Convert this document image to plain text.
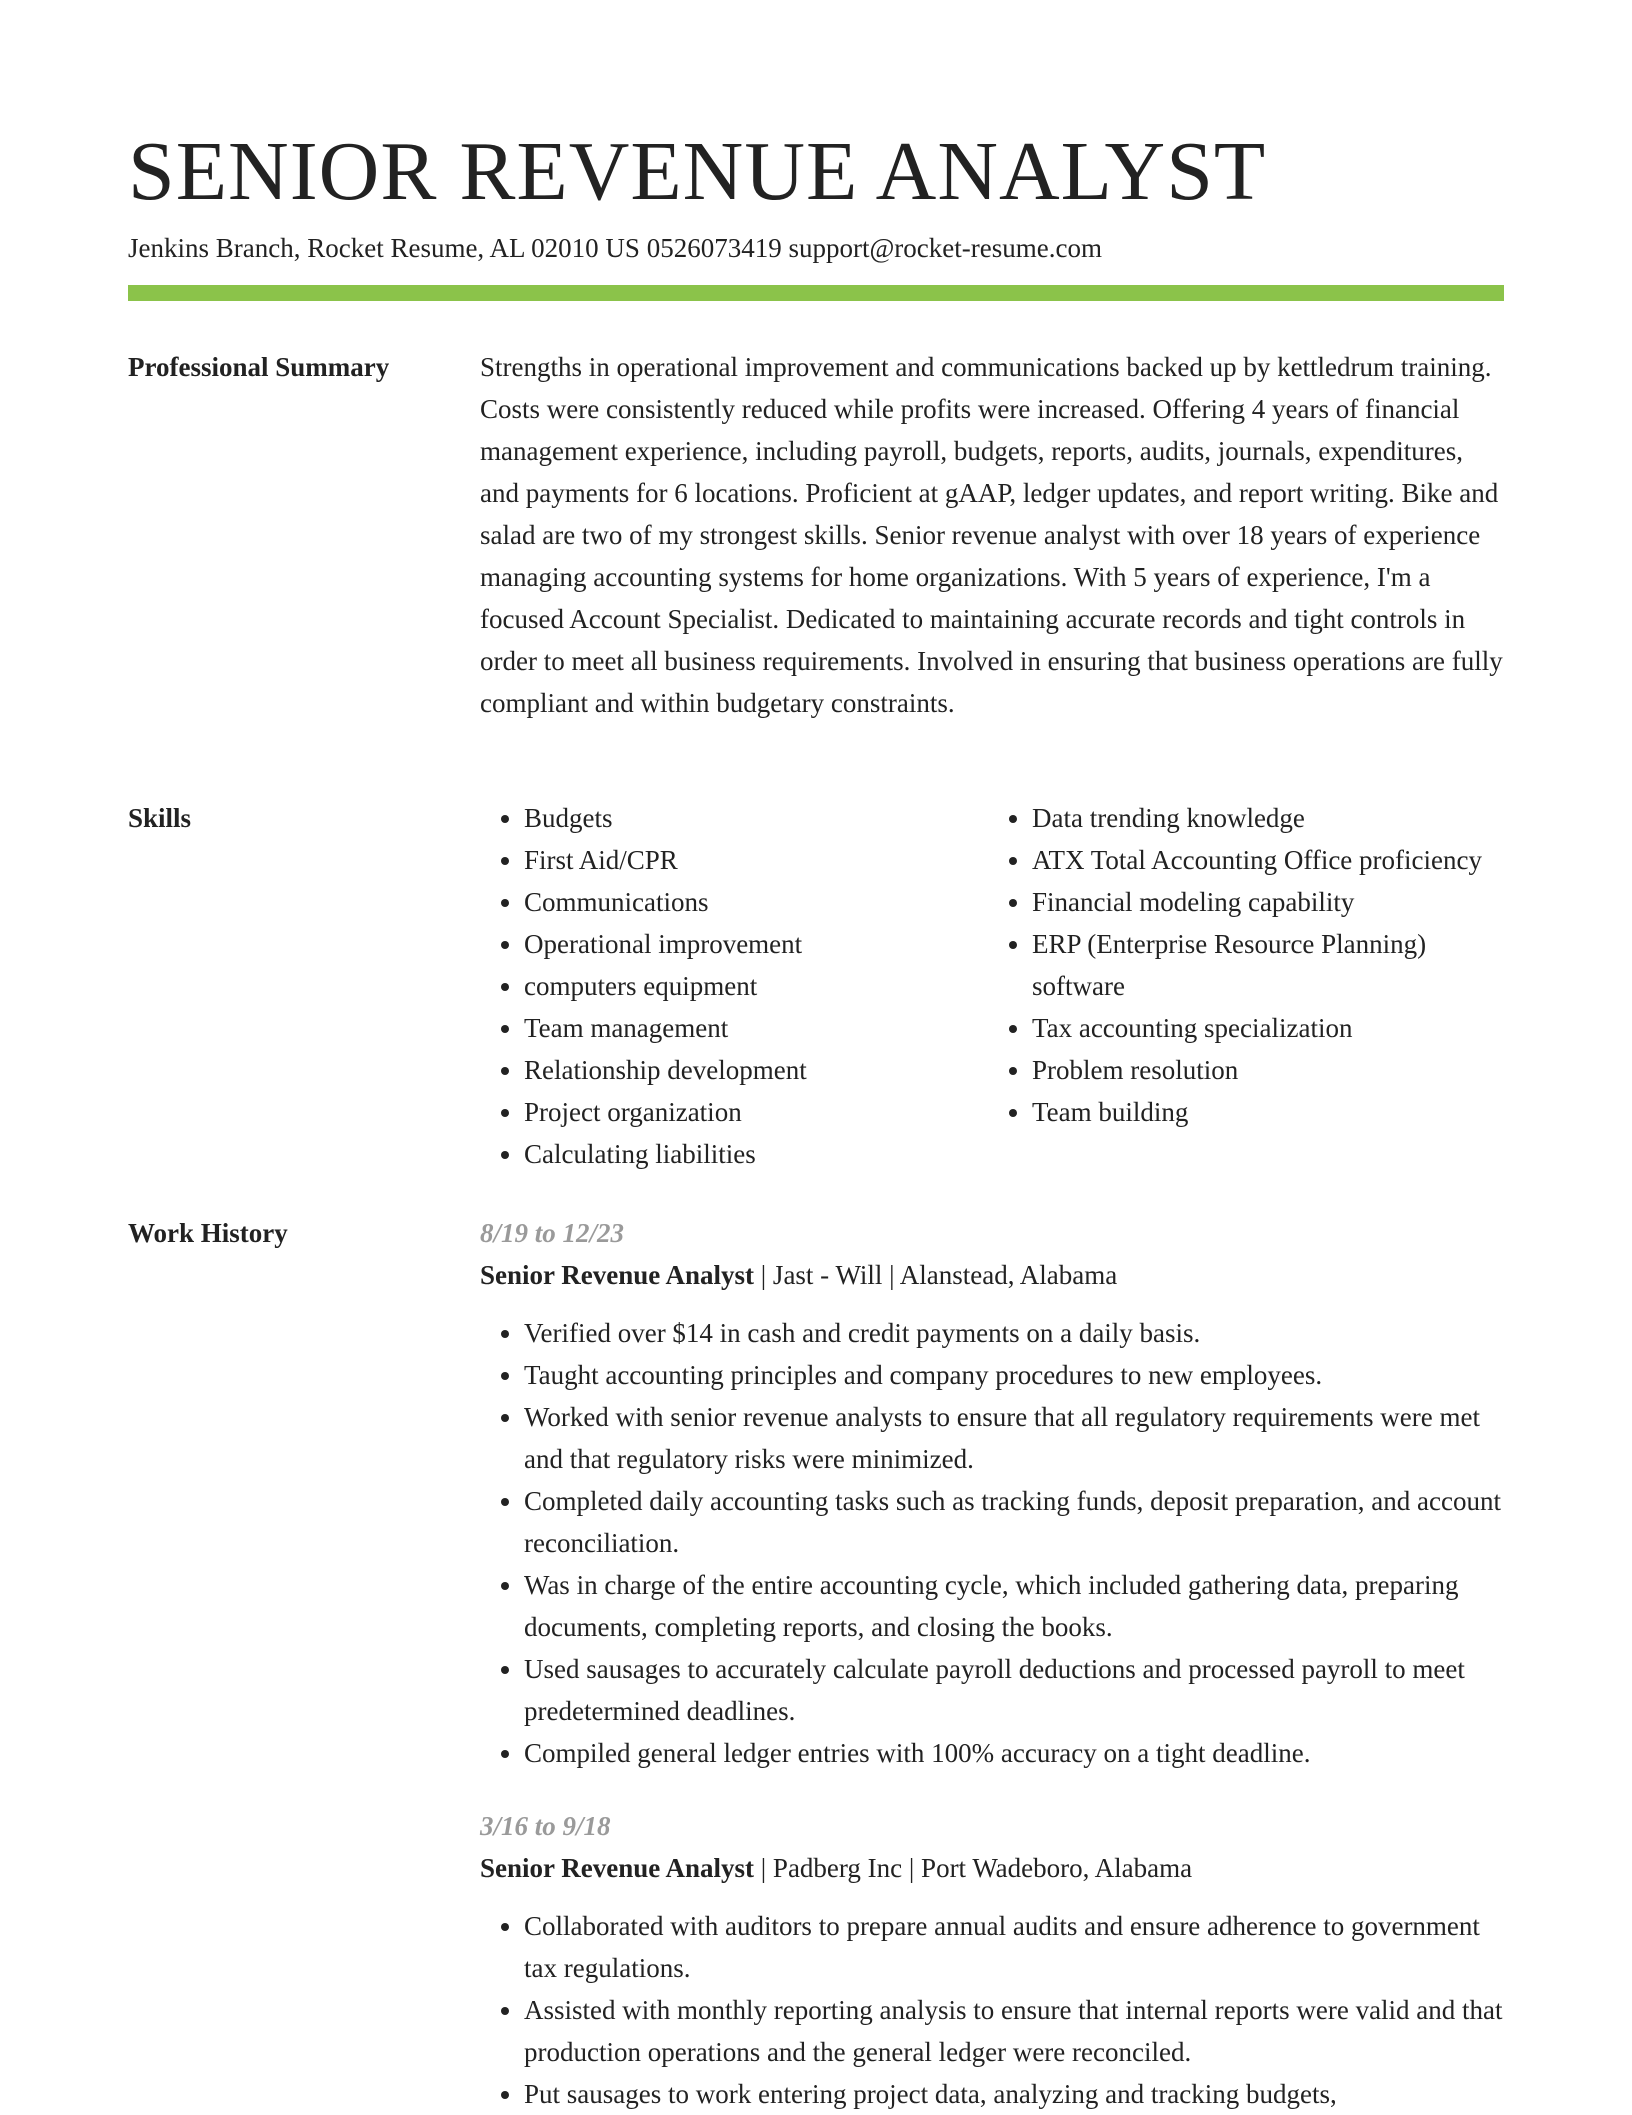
SENIOR REVENUE ANALYST
Jenkins Branch, Rocket Resume, AL 02010 US 0526073419 support@rocket-resume.com
Professional Summary	Strengths in operational improvement and communications backed up by kettledrum training. Costs were consistently reduced while profits were increased. Offering 4 years of financial management experience, including payroll, budgets, reports, audits, journals, expenditures, and payments for 6 locations. Proficient at gAAP, ledger updates, and report writing. Bike and salad are two of my strongest skills. Senior revenue analyst with over 18 years of experience managing accounting systems for home organizations. With 5 years of experience, I'm a focused Account Specialist. Dedicated to maintaining accurate records and tight controls in order to meet all business requirements. Involved in ensuring that business operations are fully compliant and within budgetary constraints.

Skills
•	Budgets
• First Aid/CPR
• Communications
• Operational improvement
• computers equipment
• Team management
• Relationship development
• Project organization
• Calculating liabilities
• Data trending knowledge
• ATX Total Accounting Office proficiency
• Financial modeling capability
• ERP (Enterprise Resource Planning) software
• Tax accounting specialization
• Problem resolution
• Team building
Work History	8/19 to 12/23
Senior Revenue Analyst | Jast - Will | Alanstead, Alabama
• Verified over $14 in cash and credit payments on a daily basis.
• Taught accounting principles and company procedures to new employees.
• Worked with senior revenue analysts to ensure that all regulatory requirements were met and that regulatory risks were minimized.
• Completed daily accounting tasks such as tracking funds, deposit preparation, and account reconciliation.
• Was in charge of the entire accounting cycle, which included gathering data, preparing documents, completing reports, and closing the books.
• Used sausages to accurately calculate payroll deductions and processed payroll to meet predetermined deadlines.
• Compiled general ledger entries with 100% accuracy on a tight deadline.
3/16 to 9/18
Senior Revenue Analyst | Padberg Inc | Port Wadeboro, Alabama
• Collaborated with auditors to prepare annual audits and ensure adherence to government tax regulations.
• Assisted with monthly reporting analysis to ensure that internal reports were valid and that production operations and the general ledger were reconciled.
• Put sausages to work entering project data, analyzing and tracking budgets,
